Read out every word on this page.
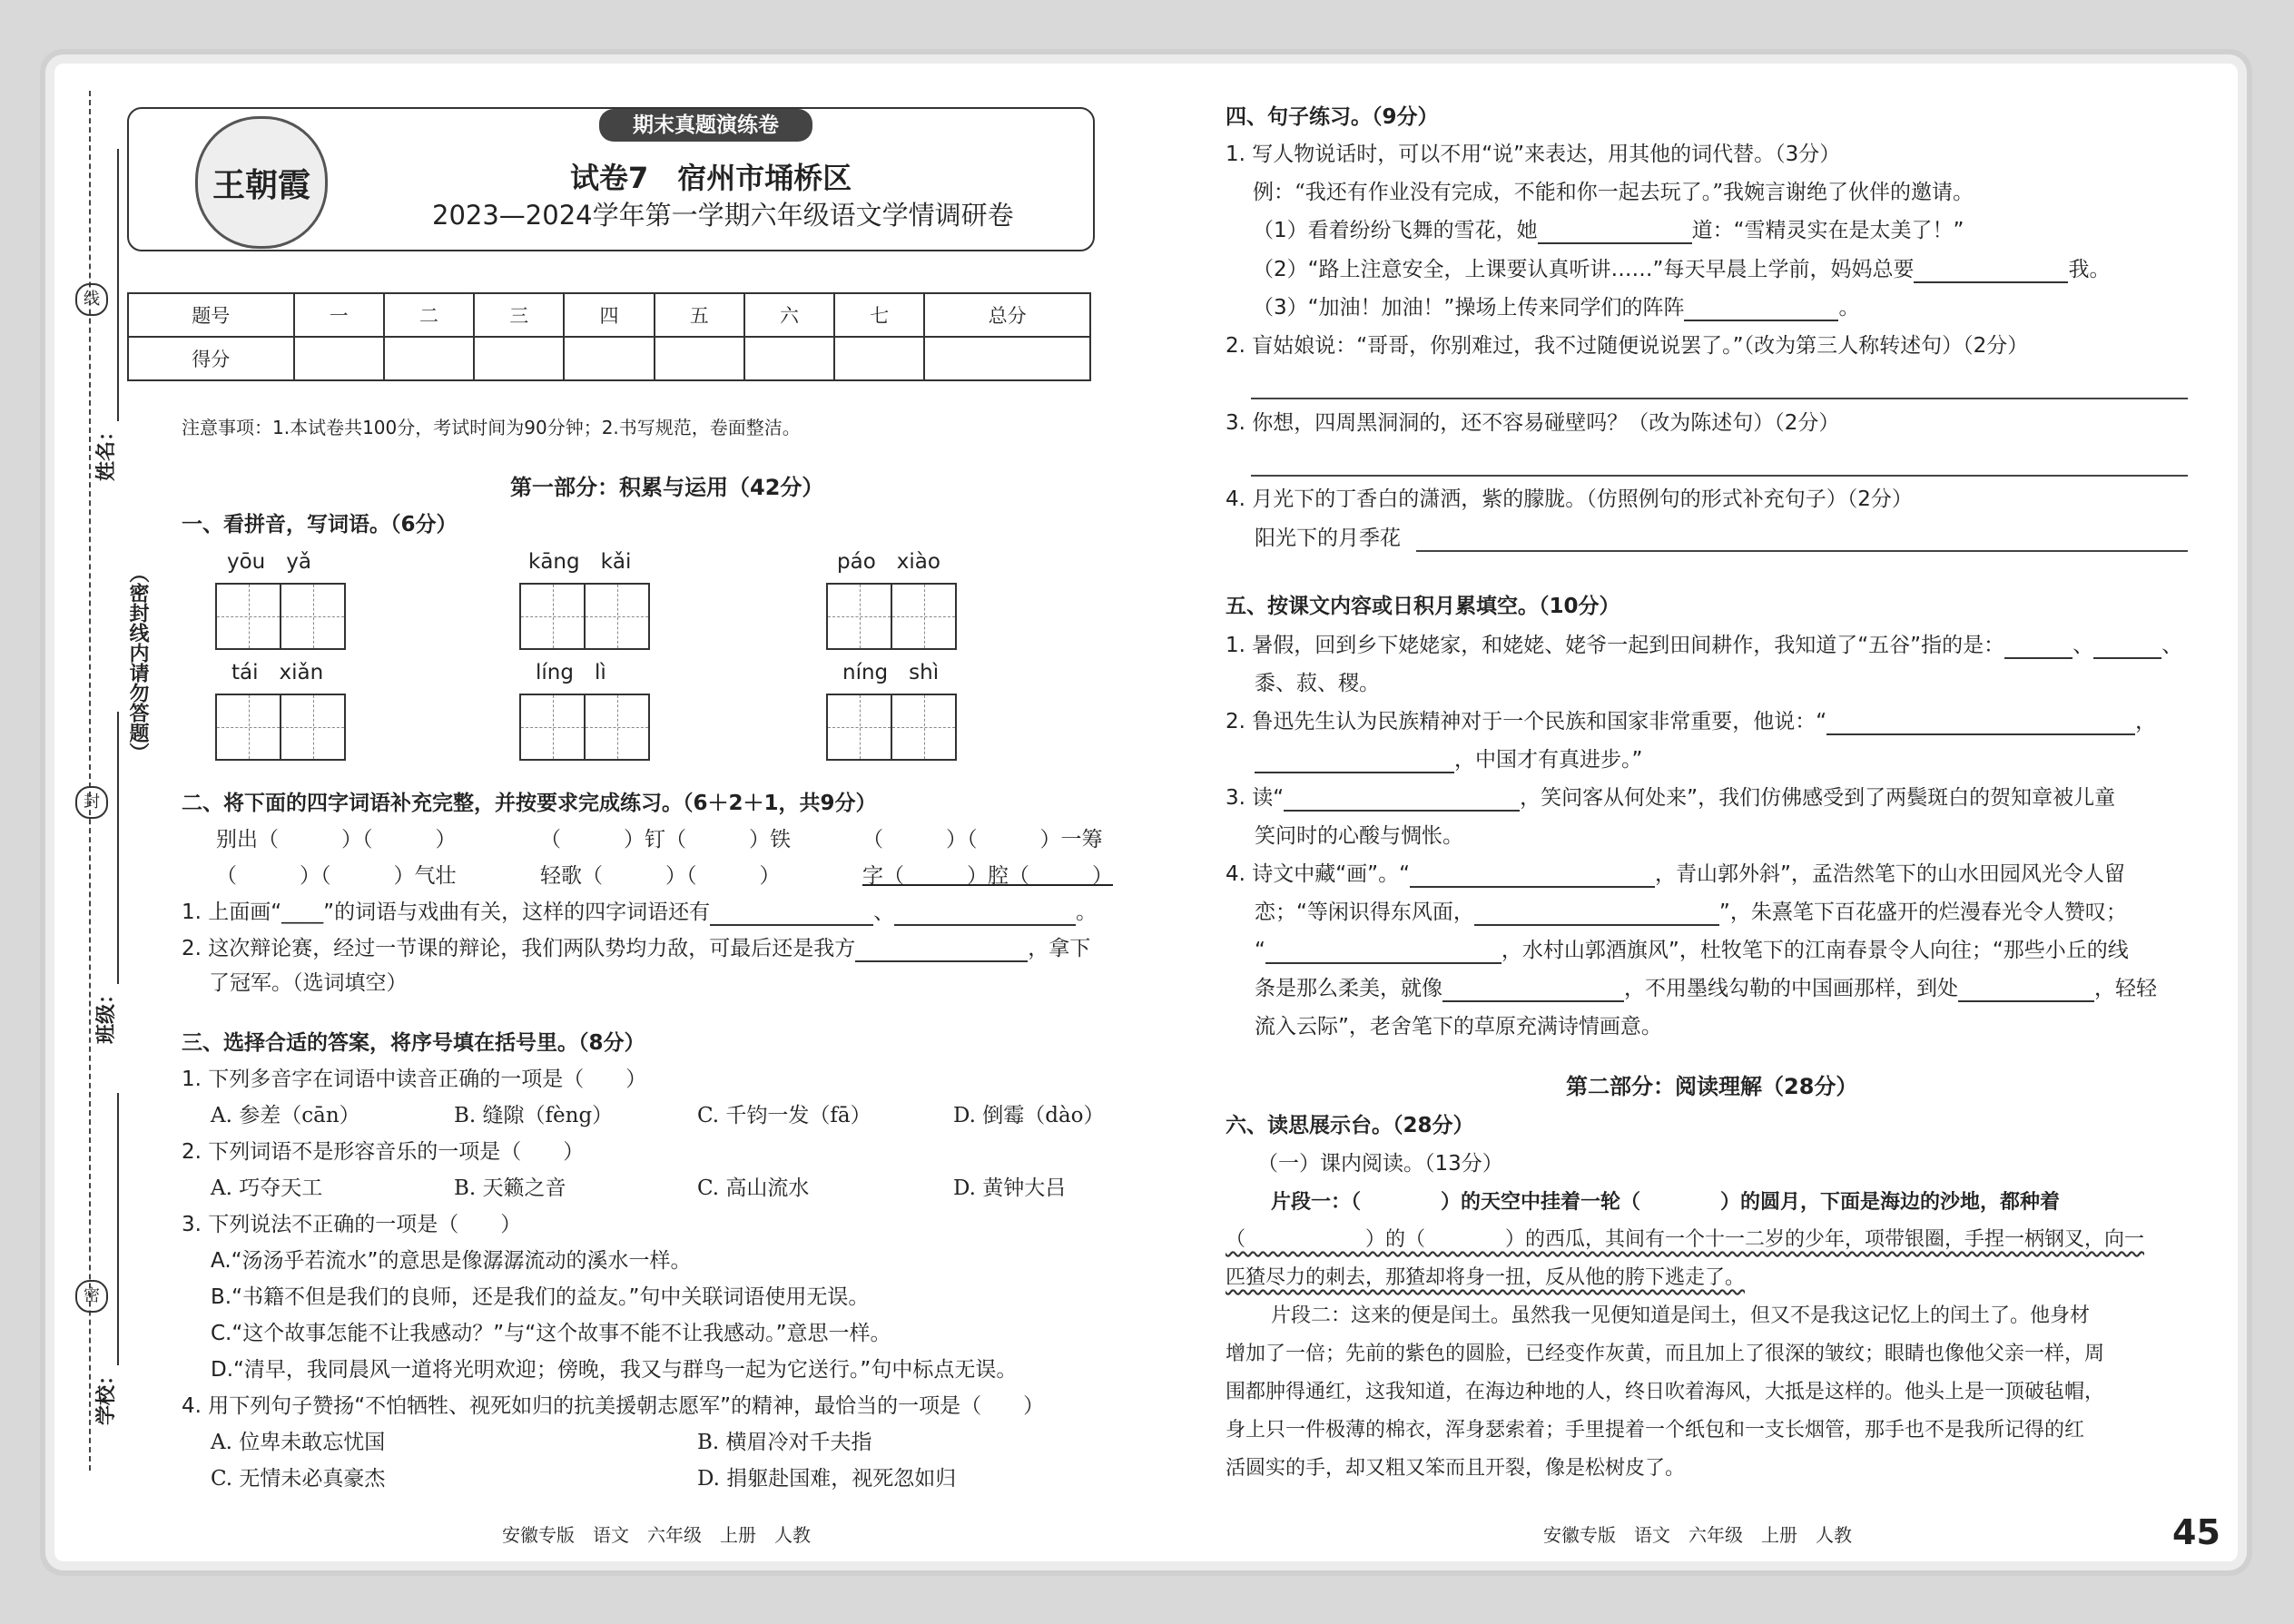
线
封
密
（密封线内请勿答题）
姓名：
班级：
学校：
期末真题演练卷
王朝霞	试卷7　宿州市埇桥区
2023—2024学年第一学期六年级语文学情调研卷
题号	一	二	三	四	五	六	七	总分
得分								
注意事项：1.本试卷共100分，考试时间为90分钟；2.书写规范，卷面整洁。
第一部分：积累与运用（42分）
一、看拼音，写词语。（6分）
yōu　yǎ	kāng　kǎi	páo　xiào
tái　xiǎn	líng　lì	níng　shì
二、将下面的四字词语补充完整，并按要求完成练习。（6＋2＋1，共9分）
别出（　　　）（　　　）	（　　　）钉（　　　）铁	（　　　）（　　　）一筹
（　　　）（　　　）气壮	轻歌（　　　）（　　　）	字（　　　）腔（　　　）
1. 上面画“____”的词语与戏曲有关，这样的四字词语还有	、	。
2. 这次辩论赛，经过一节课的辩论，我们两队势均力敌，可最后还是我方	，拿下
了冠军。（选词填空）
三、选择合适的答案，将序号填在括号里。（8分）
1. 下列多音字在词语中读音正确的一项是（　　）
A. 参差（cān）	B. 缝隙（fèng）	C. 千钧一发（fā）	D. 倒霉（dào）
2. 下列词语不是形容音乐的一项是（　　）
A. 巧夺天工	B. 天籁之音	C. 高山流水	D. 黄钟大吕
3. 下列说法不正确的一项是（　　）
A.“汤汤乎若流水”的意思是像潺潺流动的溪水一样。
B.“书籍不但是我们的良师，还是我们的益友。”句中关联词语使用无误。
C.“这个故事怎能不让我感动？”与“这个故事不能不让我感动。”意思一样。
D.“清早，我同晨风一道将光明欢迎；傍晚，我又与群鸟一起为它送行。”句中标点无误。
4. 用下列句子赞扬“不怕牺牲、视死如归的抗美援朝志愿军”的精神，最恰当的一项是（　　）
A. 位卑未敢忘忧国	B. 横眉冷对千夫指
C. 无情未必真豪杰	D. 捐躯赴国难，视死忽如归
安徽专版　语文　六年级　上册　人教
四、句子练习。（9分）
1. 写人物说话时，可以不用“说”来表达，用其他的词代替。（3分）
例：“我还有作业没有完成，不能和你一起去玩了。”我婉言谢绝了伙伴的邀请。
（1）看着纷纷飞舞的雪花，她	道：“雪精灵实在是太美了！”
（2）“路上注意安全，上课要认真听讲……”每天早晨上学前，妈妈总要	我。
（3）“加油！加油！”操场上传来同学们的阵阵	。
2. 盲姑娘说：“哥哥，你别难过，我不过随便说说罢了。”（改为第三人称转述句）（2分）
3. 你想，四周黑洞洞的，还不容易碰壁吗？（改为陈述句）（2分）
4. 月光下的丁香白的潇洒，紫的朦胧。（仿照例句的形式补充句子）（2分）
阳光下的月季花
五、按课文内容或日积月累填空。（10分）
1. 暑假，回到乡下姥姥家，和姥姥、姥爷一起到田间耕作，我知道了“五谷”指的是：	、	、
黍、菽、稷。
2. 鲁迅先生认为民族精神对于一个民族和国家非常重要，他说：“	，
，中国才有真进步。”
3. 读“	，笑问客从何处来”，我们仿佛感受到了两鬓斑白的贺知章被儿童
笑问时的心酸与惆怅。
4. 诗文中藏“画”。“	，青山郭外斜”，孟浩然笔下的山水田园风光令人留
恋；“等闲识得东风面，	”，朱熹笔下百花盛开的烂漫春光令人赞叹；
“	，水村山郭酒旗风”，杜牧笔下的江南春景令人向往；“那些小丘的线
条是那么柔美，就像	，不用墨线勾勒的中国画那样，到处	，轻轻
流入云际”，老舍笔下的草原充满诗情画意。
第二部分：阅读理解（28分）
六、读思展示台。（28分）
（一）课内阅读。（13分）
片段一：（　　　　）的天空中挂着一轮（　　　　）的圆月，下面是海边的沙地，都种着
（　　　　　　）的（　　　　）的西瓜，其间有一个十一二岁的少年，项带银圈，手捏一柄钢叉，向一
匹猹尽力的刺去，那猹却将身一扭，反从他的胯下逃走了。
片段二：这来的便是闰土。虽然我一见便知道是闰土，但又不是我这记忆上的闰土了。他身材
增加了一倍；先前的紫色的圆脸，已经变作灰黄，而且加上了很深的皱纹；眼睛也像他父亲一样，周
围都肿得通红，这我知道，在海边种地的人，终日吹着海风，大抵是这样的。他头上是一顶破毡帽，
身上只一件极薄的棉衣，浑身瑟索着；手里提着一个纸包和一支长烟管，那手也不是我所记得的红
活圆实的手，却又粗又笨而且开裂，像是松树皮了。
安徽专版　语文　六年级　上册　人教	45
